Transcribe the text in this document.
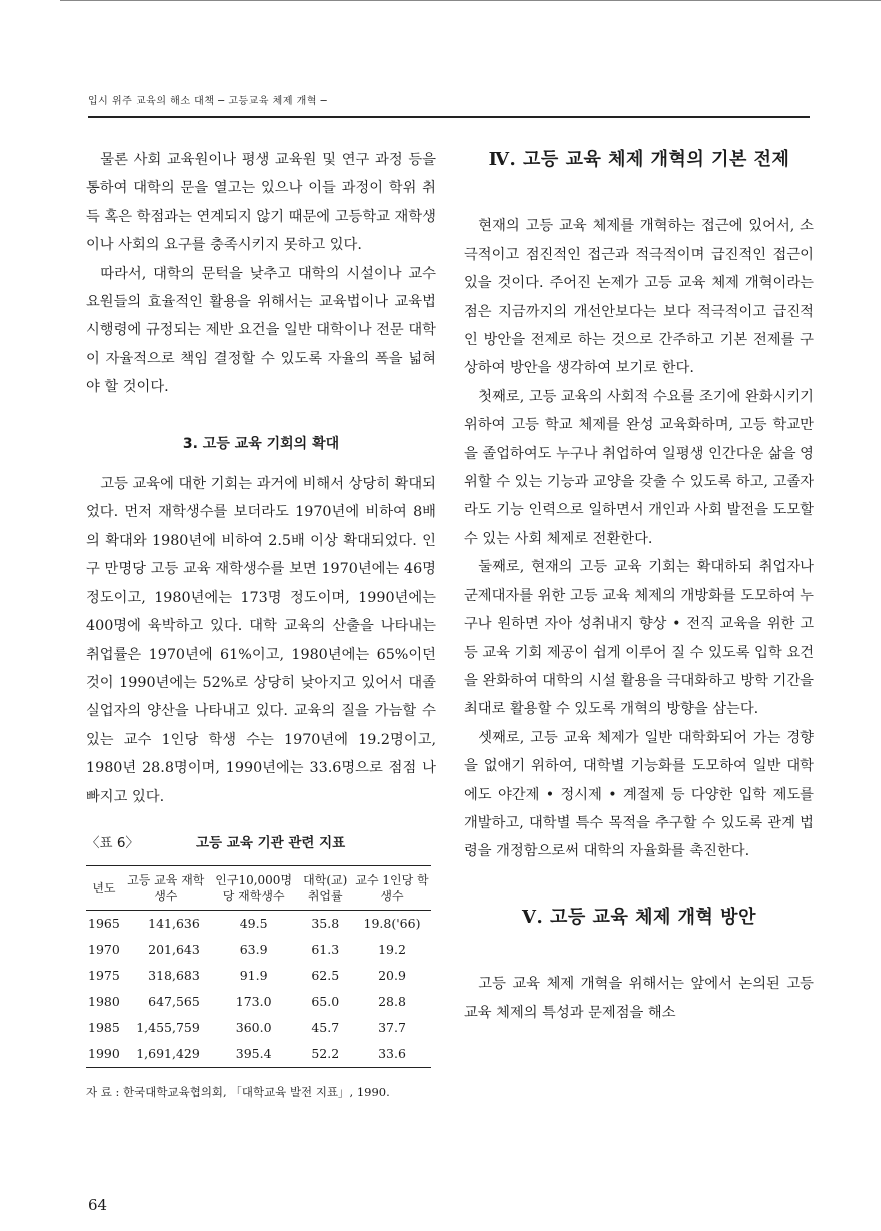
입시 위주 교육의 해소 대책 ─ 고등교육 체제 개혁 ─

물론 사회 교육원이나 평생 교육원 및 연구 과정 등을 통하여 대학의 문을 열고는 있으나 이들 과정이 학위 취득 혹은 학점과는 연계되지 않기 때문에 고등학교 재학생이나 사회의 요구를 충족시키지 못하고 있다.

따라서, 대학의 문턱을 낮추고 대학의 시설이나 교수 요원들의 효율적인 활용을 위해서는 교육법이나 교육법 시행령에 규정되는 제반 요건을 일반 대학이나 전문 대학이 자율적으로 책임 결정할 수 있도록 자율의 폭을 넓혀야 할 것이다.

3. 고등 교육 기회의 확대

고등 교육에 대한 기회는 과거에 비해서 상당히 확대되었다. 먼저 재학생수를 보더라도 1970년에 비하여 8배의 확대와 1980년에 비하여 2.5배 이상 확대되었다. 인구 만명당 고등 교육 재학생수를 보면 1970년에는 46명 정도이고, 1980년에는 173명 정도이며, 1990년에는 400명에 육박하고 있다. 대학 교육의 산출을 나타내는 취업률은 1970년에 61%이고, 1980년에는 65%이던 것이 1990년에는 52%로 상당히 낮아지고 있어서 대졸 실업자의 양산을 나타내고 있다. 교육의 질을 가늠할 수 있는 교수 1인당 학생 수는 1970년에 19.2명이고, 1980년 28.8명이며, 1990년에는 33.6명으로 점점 나빠지고 있다.

〈표 6〉	고등 교육 기관 관련 지표
년도	고등 교육 재학생수	인구10,000명당 재학생수	대학(교) 취업률	교수 1인당 학생수
1965	141,636	49.5	35.8	19.8('66)
1970	201,643	63.9	61.3	19.2
1975	318,683	91.9	62.5	20.9
1980	647,565	173.0	65.0	28.8
1985	1,455,759	360.0	45.7	37.7
1990	1,691,429	395.4	52.2	33.6
자 료 : 한국대학교육협의회, 「대학교육 발전 지표」, 1990.
Ⅳ. 고등 교육 체제 개혁의 기본 전제

현재의 고등 교육 체제를 개혁하는 접근에 있어서, 소극적이고 점진적인 접근과 적극적이며 급진적인 접근이 있을 것이다. 주어진 논제가 고등 교육 체제 개혁이라는 점은 지금까지의 개선안보다는 보다 적극적이고 급진적인 방안을 전제로 하는 것으로 간주하고 기본 전제를 구상하여 방안을 생각하여 보기로 한다.

첫째로, 고등 교육의 사회적 수요를 조기에 완화시키기 위하여 고등 학교 체제를 완성 교육화하며, 고등 학교만을 졸업하여도 누구나 취업하여 일평생 인간다운 삶을 영위할 수 있는 기능과 교양을 갖출 수 있도록 하고, 고졸자라도 기능 인력으로 일하면서 개인과 사회 발전을 도모할 수 있는 사회 체제로 전환한다.

둘째로, 현재의 고등 교육 기회는 확대하되 취업자나 군제대자를 위한 고등 교육 체제의 개방화를 도모하여 누구나 원하면 자아 성취내지 향상 • 전직 교육을 위한 고등 교육 기회 제공이 쉽게 이루어 질 수 있도록 입학 요건을 완화하여 대학의 시설 활용을 극대화하고 방학 기간을 최대로 활용할 수 있도록 개혁의 방향을 삼는다.

셋째로, 고등 교육 체제가 일반 대학화되어 가는 경향을 없애기 위하여, 대학별 기능화를 도모하여 일반 대학에도 야간제 • 정시제 • 계절제 등 다양한 입학 제도를 개발하고, 대학별 특수 목적을 추구할 수 있도록 관계 법령을 개정함으로써 대학의 자율화를 촉진한다.

Ⅴ. 고등 교육 체제 개혁 방안

고등 교육 체제 개혁을 위해서는 앞에서 논의된 고등 교육 체제의 특성과 문제점을 해소

64
